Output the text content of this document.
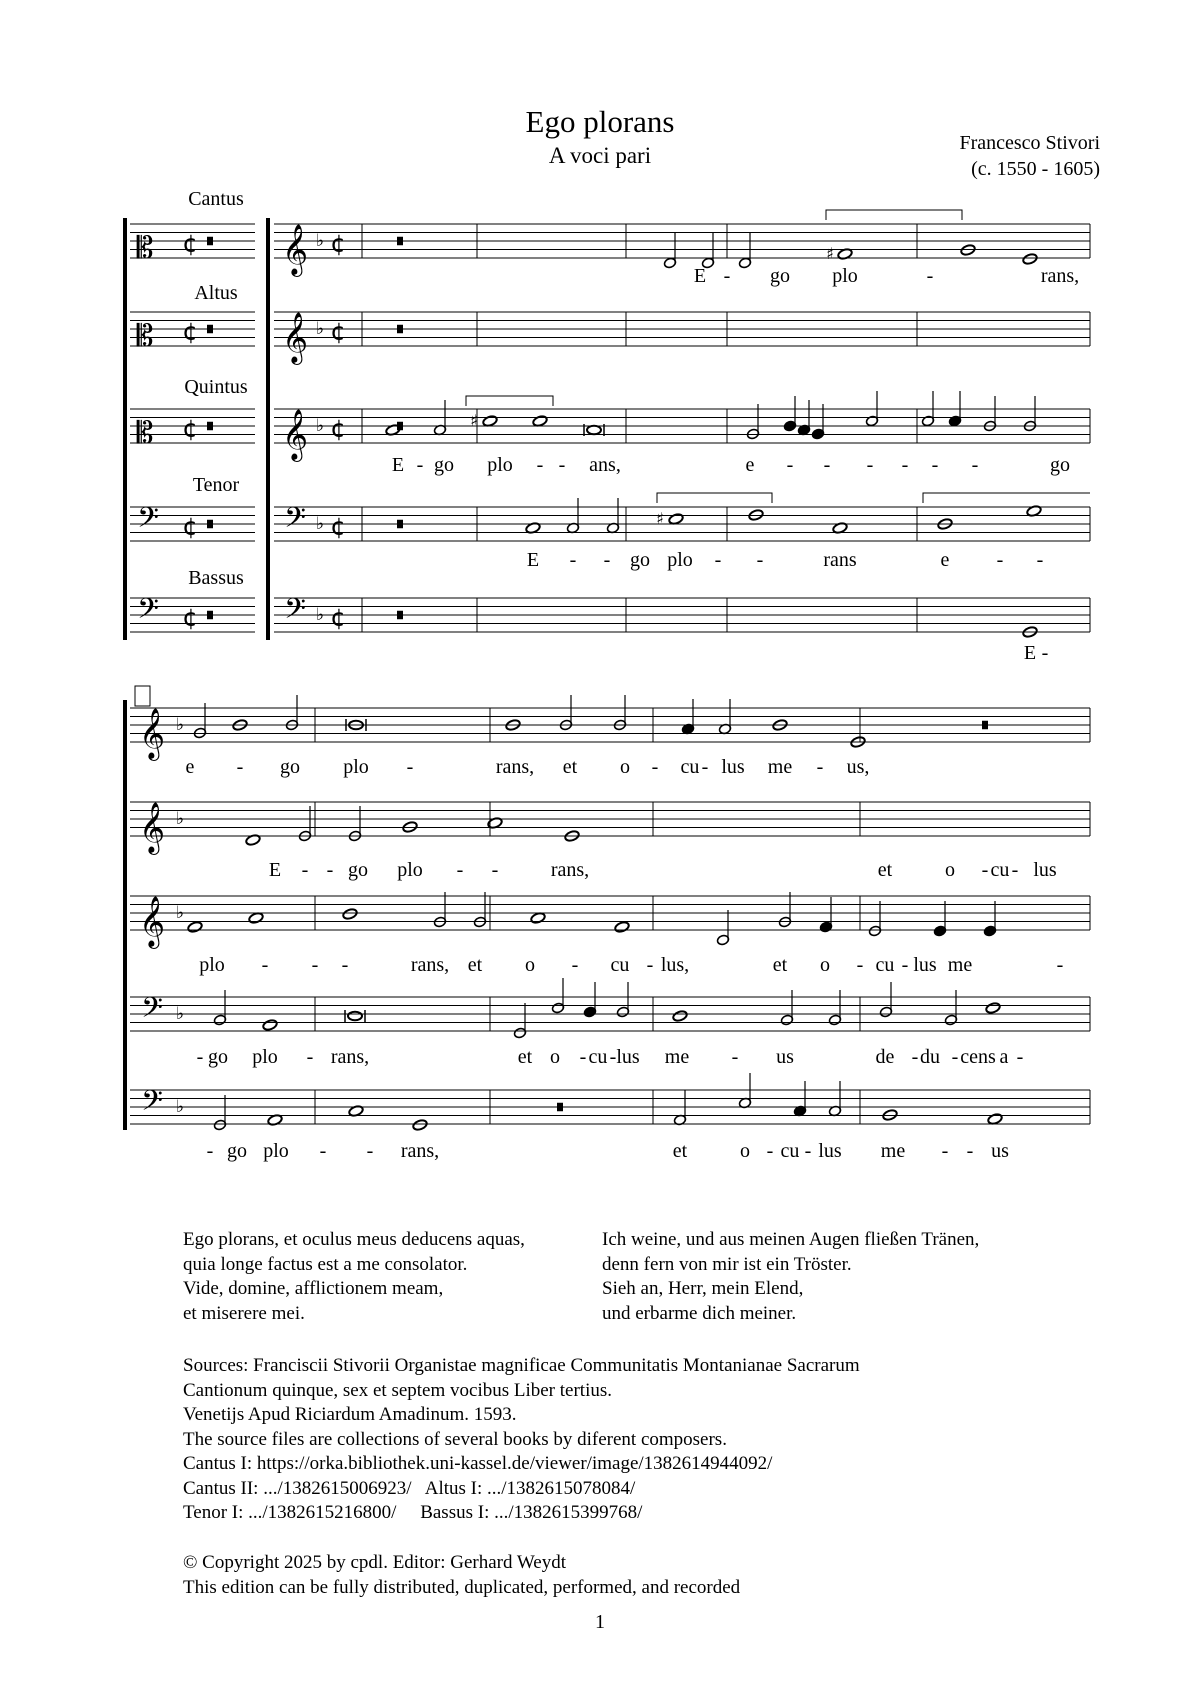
Ego plorans
A voci pari	Francesco Stivori
(c. 1550 - 1605)
Cantus
𝄡 ¢ 𝄞 ♭ ¢
Altus
𝄡 ¢ 𝄞 ♭ ¢
Quintus
𝄡 ¢ 𝄞 ♭ ¢
Tenor
𝄢 ¢	𝄢 ♭ ¢
Bassus
𝄢 ¢	𝄢 ♭ ¢
♯
♯
♯
E - go plo	-	rans,
E - go plo - - ans,	e - - - - - -	go
E - - go plo - -	rans	e - -
E -
𝄞 ♭
𝄞 ♭
𝄞 ♭
𝄢 ♭
𝄢 ♭
e - go plo -	rans, et o - cu - lus me - us,
E - - go plo - -	rans,	et	o - cu - lus
plo - - -	rans, et o - cu - lus,	et o - cu - lus me	-
- go plo - rans,	et o - cu - lus me - us	de - du - cens a -
- go plo - - rans,	et	o - cu - lus me - - us
Ego plorans, et oculus meus deducens aquas,
quia longe factus est a me consolator.
Vide, domine, afflictionem meam,
et miserere mei.
Ich weine, und aus meinen Augen fließen Tränen,
denn fern von mir ist ein Tröster.
Sieh an, Herr, mein Elend,
und erbarme dich meiner.
Sources: Franciscii Stivorii Organistae magnificae Communitatis Montanianae Sacrarum
Cantionum quinque, sex et septem vocibus Liber tertius.
Venetijs Apud Riciardum Amadinum. 1593.
The source files are collections of several books by diferent composers.
Cantus I: https://orka.bibliothek.uni-kassel.de/viewer/image/1382614944092/
Cantus II: .../1382615006923/   Altus I: .../1382615078084/
Tenor I: .../1382615216800/     Bassus I: .../1382615399768/
© Copyright 2025 by cpdl. Editor: Gerhard Weydt
This edition can be fully distributed, duplicated, performed, and recorded
1
